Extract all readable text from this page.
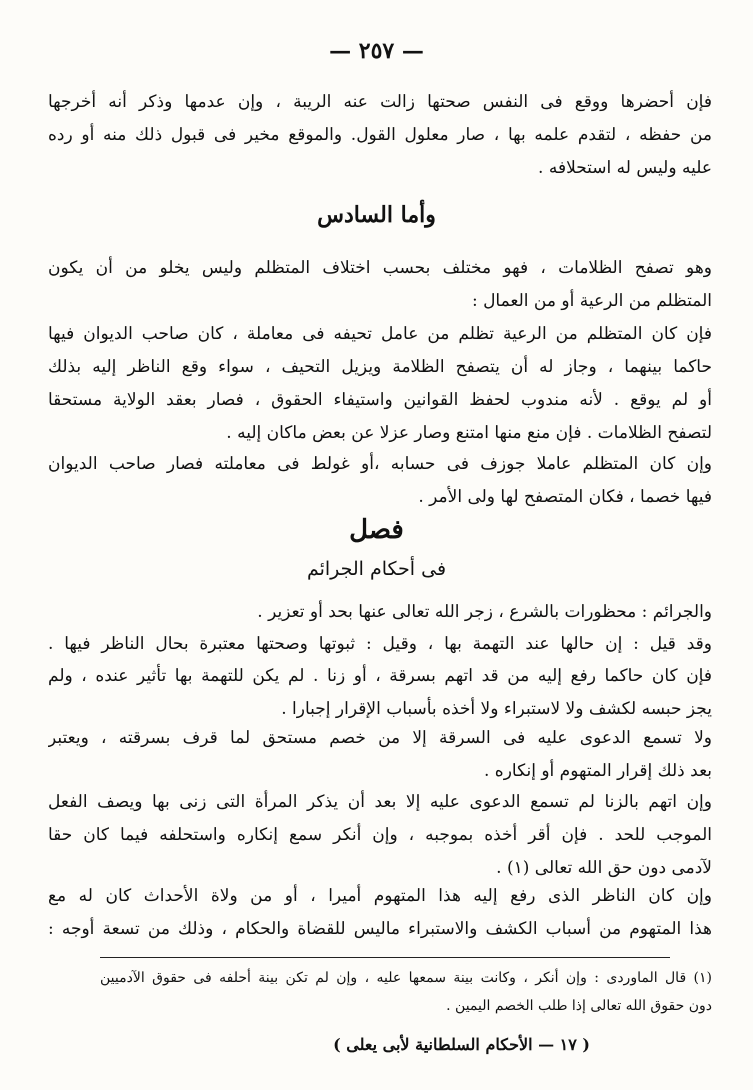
— ٢٥٧ —
فإن أحضرها ووقع فى النفس صحتها زالت عنه الريبة ، وإن عدمها وذكر أنه أخرجها
من حفظه ، لتقدم علمه بها ، صار معلول القول. والموقع مخير فى قبول ذلك منه أو رده
عليه وليس له استحلافه .
وأما السادس
وهو تصفح الظلامات ، فهو مختلف بحسب اختلاف المتظلم وليس يخلو من أن يكون
المتظلم من الرعية أو من العمال :
فإن كان المتظلم من الرعية تظلم من عامل تحيفه فى معاملة ، كان صاحب الديوان فيها
حاكما بينهما ، وجاز له أن يتصفح الظلامة ويزيل التحيف ، سواء وقع الناظر إليه بذلك
أو لم يوقع . لأنه مندوب لحفظ القوانين واستيفاء الحقوق ، فصار بعقد الولاية مستحقا
لتصفح الظلامات . فإن منع منها امتنع وصار عزلا عن بعض ماكان إليه .
وإن كان المتظلم عاملا جوزف فى حسابه ،أو غولط فى معاملته فصار صاحب الديوان
فيها خصما ، فكان المتصفح لها ولى الأمر .
فصل
فى أحكام الجرائم
والجرائم : محظورات بالشرع ، زجر الله تعالى عنها بحد أو تعزير .
وقد قيل : إن حالها عند التهمة بها ، وقيل : ثبوتها وصحتها معتبرة بحال الناظر فيها .
فإن كان حاكما رفع إليه من قد اتهم بسرقة ، أو زنا . لم يكن للتهمة بها تأثير عنده ، ولم
يجز حبسه لكشف ولا لاستبراء ولا أخذه بأسباب الإقرار إجبارا .
ولا تسمع الدعوى عليه فى السرقة إلا من خصم مستحق لما قرف بسرقته ، ويعتبر
بعد ذلك إقرار المتهوم أو إنكاره .
وإن اتهم بالزنا لم تسمع الدعوى عليه إلا بعد أن يذكر المرأة التى زنى بها ويصف الفعل
الموجب للحد . فإن أقر أخذه بموجبه ، وإن أنكر سمع إنكاره واستحلفه فيما كان حقا
لآدمى دون حق الله تعالى (١) .
وإن كان الناظر الذى رفع إليه هذا المتهوم أميرا ، أو من ولاة الأحداث كان له مع
هذا المتهوم من أسباب الكشف والاستبراء ماليس للقضاة والحكام ، وذلك من تسعة أوجه :
(١) قال الماوردى : وإن أنكر ، وكانت بينة سمعها عليه ، وإن لم تكن بينة أحلفه فى حقوق الآدميين
دون حقوق الله تعالى إذا طلب الخصم اليمين .
( ١٧ — الأحكام السلطانية لأبى يعلى )
